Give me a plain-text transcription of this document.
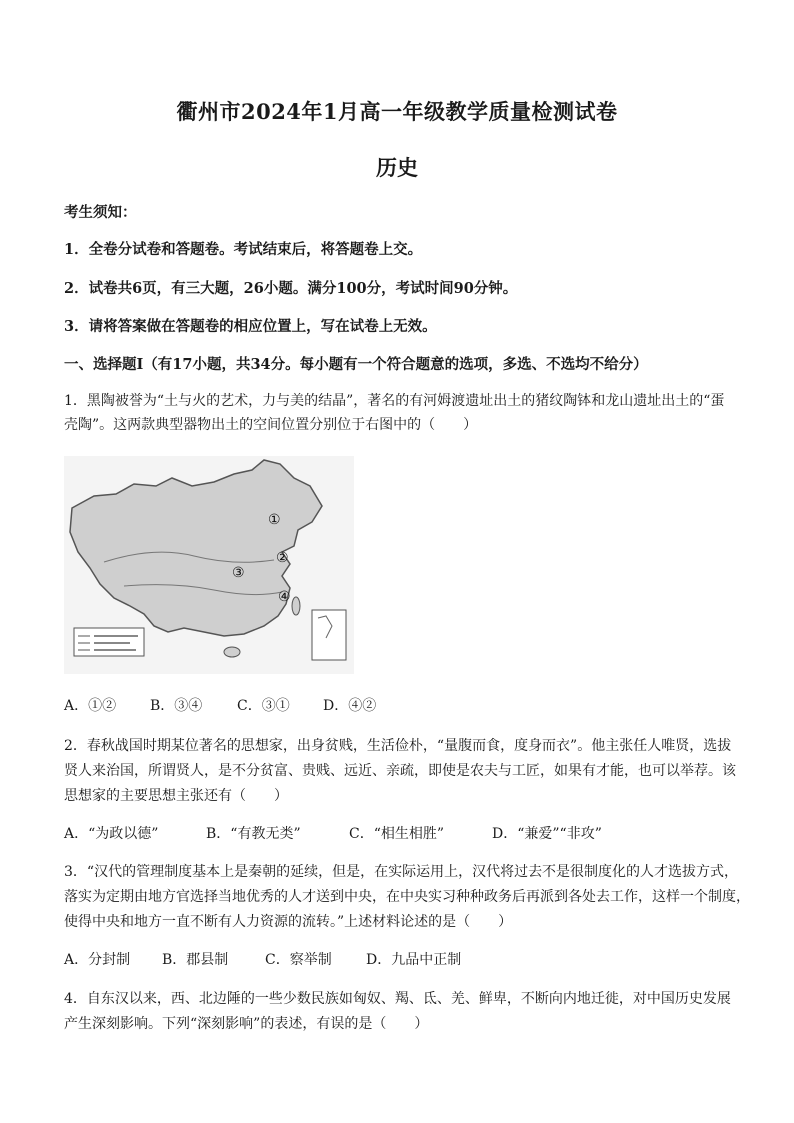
衢州市2024年1月高一年级教学质量检测试卷
历史
考生须知：
1．全卷分试卷和答题卷。考试结束后，将答题卷上交。
2．试卷共6页，有三大题，26小题。满分100分，考试时间90分钟。
3．请将答案做在答题卷的相应位置上，写在试卷上无效。
一、选择题Ⅰ（有17小题，共34分。每小题有一个符合题意的选项，多选、不选均不给分）
1．黑陶被誉为“土与火的艺术，力与美的结晶”，著名的有河姆渡遗址出土的猪纹陶钵和龙山遗址出土的“蛋
壳陶”。这两款典型器物出土的空间位置分别位于右图中的（　　）
①
②
③
④
A．①② B．③④ C．③① D．④②
2．春秋战国时期某位著名的思想家，出身贫贱，生活俭朴，“量腹而食，度身而衣”。他主张任人唯贤，选拔
贤人来治国，所谓贤人，是不分贫富、贵贱、远近、亲疏，即使是农夫与工匠，如果有才能，也可以举荐。该
思想家的主要思想主张还有（　　）
A．“为政以德”	B．“有教无类”	C．“相生相胜”	D．“兼爱”“非攻”
3．“汉代的管理制度基本上是秦朝的延续，但是，在实际运用上，汉代将过去不是很制度化的人才选拔方式，
落实为定期由地方官选择当地优秀的人才送到中央，在中央实习种种政务后再派到各处去工作，这样一个制度，
使得中央和地方一直不断有人力资源的流转。”上述材料论述的是（　　）
A．分封制 B．郡县制	C．察举制 D．九品中正制
4．自东汉以来，西、北边陲的一些少数民族如匈奴、羯、氐、羌、鲜卑，不断向内地迁徙，对中国历史发展
产生深刻影响。下列“深刻影响”的表述，有误的是（　　）
